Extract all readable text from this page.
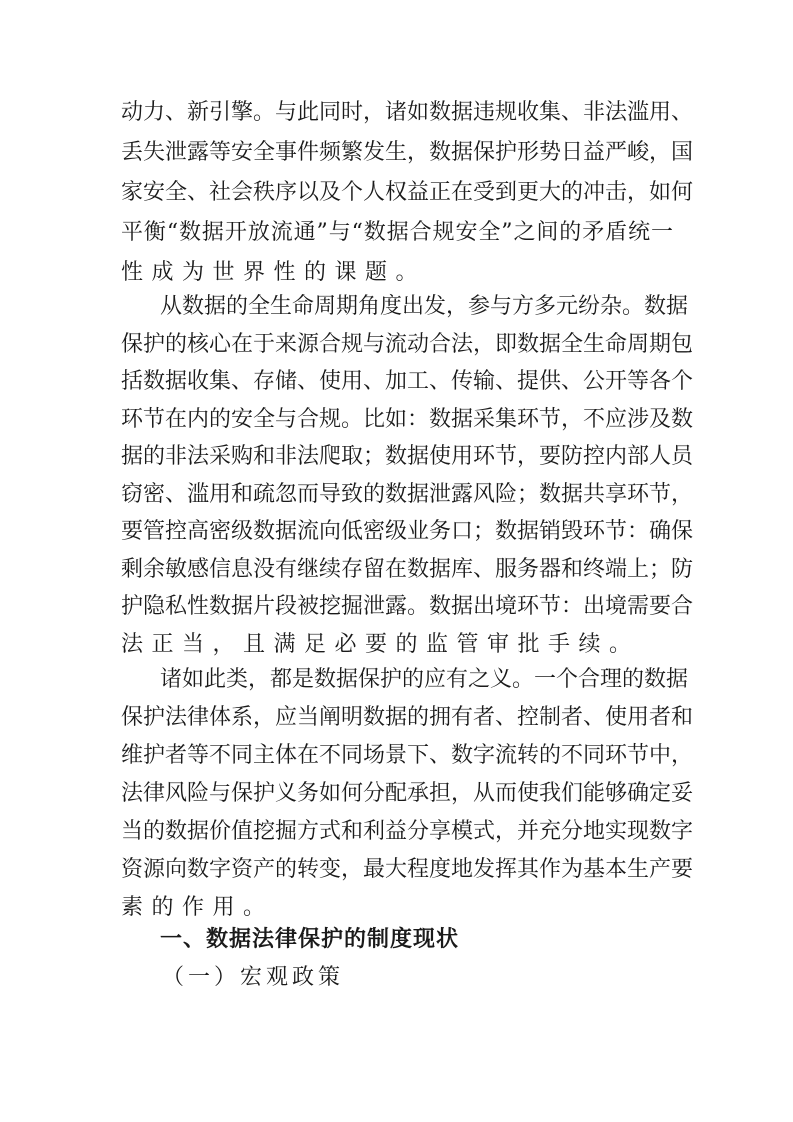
动力、新引擎。与此同时，诸如数据违规收集、非法滥用、
丢失泄露等安全事件频繁发生，数据保护形势日益严峻，国
家安全、社会秩序以及个人权益正在受到更大的冲击，如何
平衡“数据开放流通”与“数据合规安全”之间的矛盾统一
性成为世界性的课题。
从数据的全生命周期角度出发，参与方多元纷杂。数据
保护的核心在于来源合规与流动合法，即数据全生命周期包
括数据收集、存储、使用、加工、传输、提供、公开等各个
环节在内的安全与合规。比如：数据采集环节，不应涉及数
据的非法采购和非法爬取；数据使用环节，要防控内部人员
窃密、滥用和疏忽而导致的数据泄露风险；数据共享环节，
要管控高密级数据流向低密级业务口；数据销毁环节：确保
剩余敏感信息没有继续存留在数据库、服务器和终端上；防
护隐私性数据片段被挖掘泄露。数据出境环节：出境需要合
法正当，且满足必要的监管审批手续。
诸如此类，都是数据保护的应有之义。一个合理的数据
保护法律体系，应当阐明数据的拥有者、控制者、使用者和
维护者等不同主体在不同场景下、数字流转的不同环节中，
法律风险与保护义务如何分配承担，从而使我们能够确定妥
当的数据价值挖掘方式和利益分享模式，并充分地实现数字
资源向数字资产的转变，最大程度地发挥其作为基本生产要
素的作用。
一、数据法律保护的制度现状
（一）宏观政策
